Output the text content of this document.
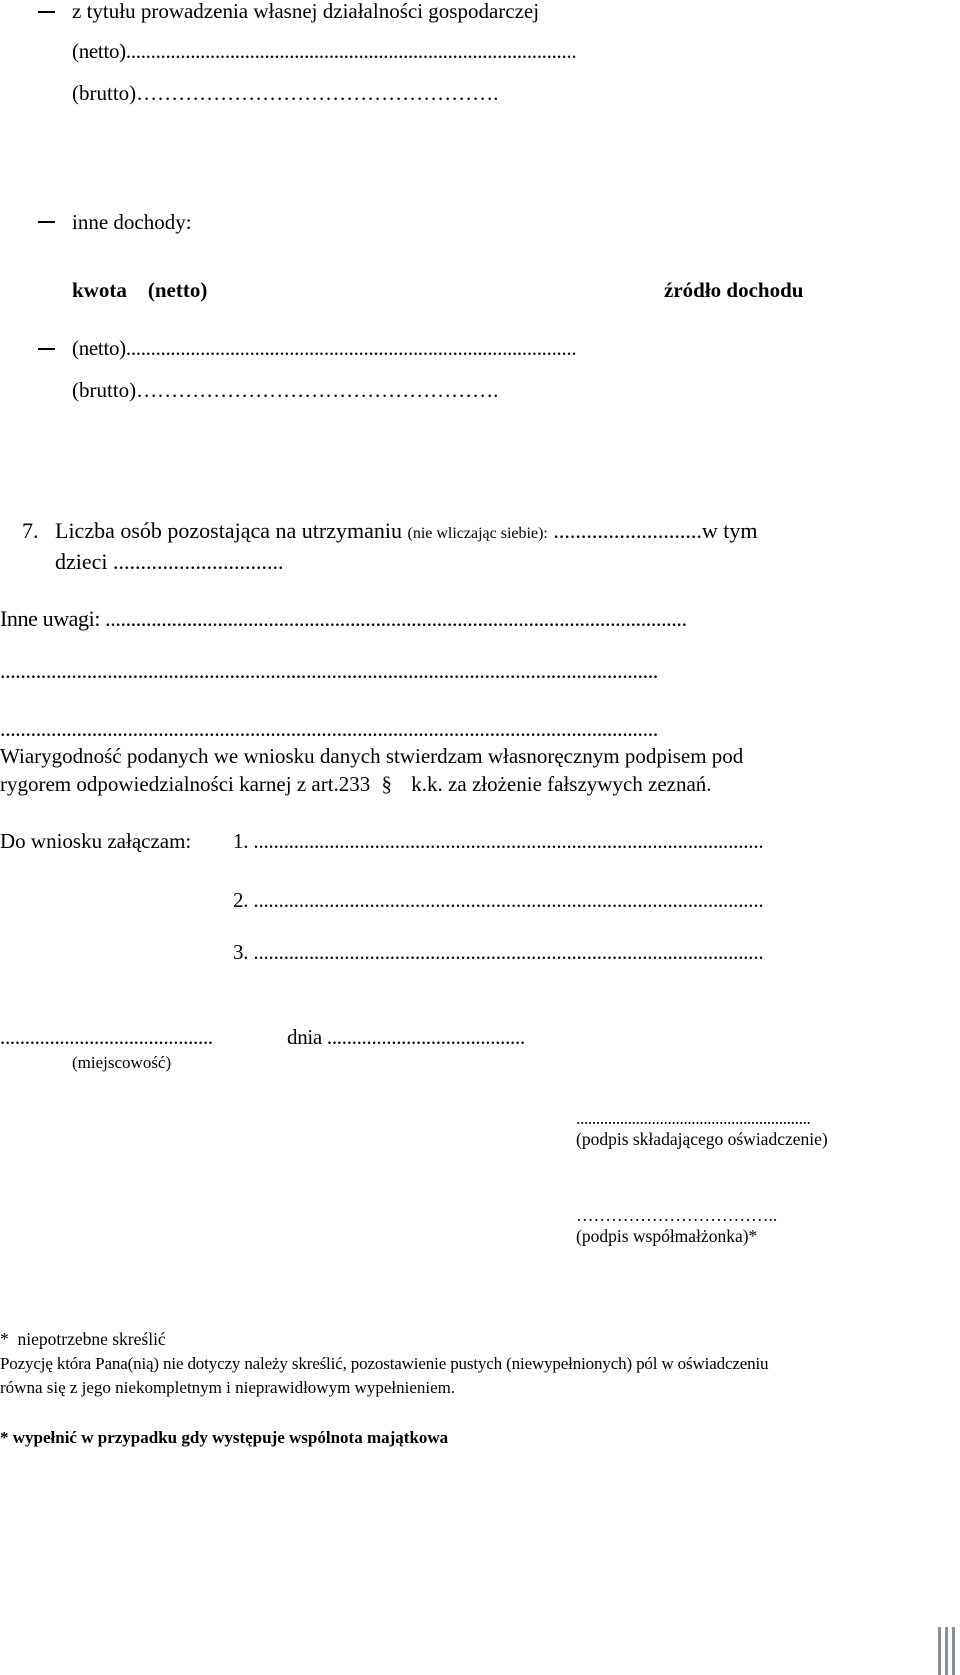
z tytułu prowadzenia własnej działalności gospodarczej
(netto)...........................................................................................
(brutto)…………………………………………….
inne dochody:
kwota    (netto)	źródło dochodu
(netto)...........................................................................................
(brutto)…………………………………………….
7. Liczba osób pozostająca na utrzymaniu (nie wliczając siebie): ...........................w tym
dzieci ...............................
Inne uwagi: ..................................................................................................................
.................................................................................................................................
.................................................................................................................................
Wiarygodność podanych we wniosku danych stwierdzam własnoręcznym podpisem pod
rygorem odpowiedzialności karnej z art.233 § k.k. za złożenie fałszywych zeznań.
Do wniosku załączam: 1. .....................................................................................................
2. .....................................................................................................
3. .....................................................................................................
...........................................	dnia ........................................
(miejscowość)
...........................................................
(podpis składającego oświadczenie)
……………………………..
(podpis współmałżonka)*
*  niepotrzebne skreślić
Pozycję która Pana(nią) nie dotyczy należy skreślić, pozostawienie pustych (niewypełnionych) pól w oświadczeniu
równa się z jego niekompletnym i nieprawidłowym wypełnieniem.
* wypełnić w przypadku gdy występuje wspólnota majątkowa
